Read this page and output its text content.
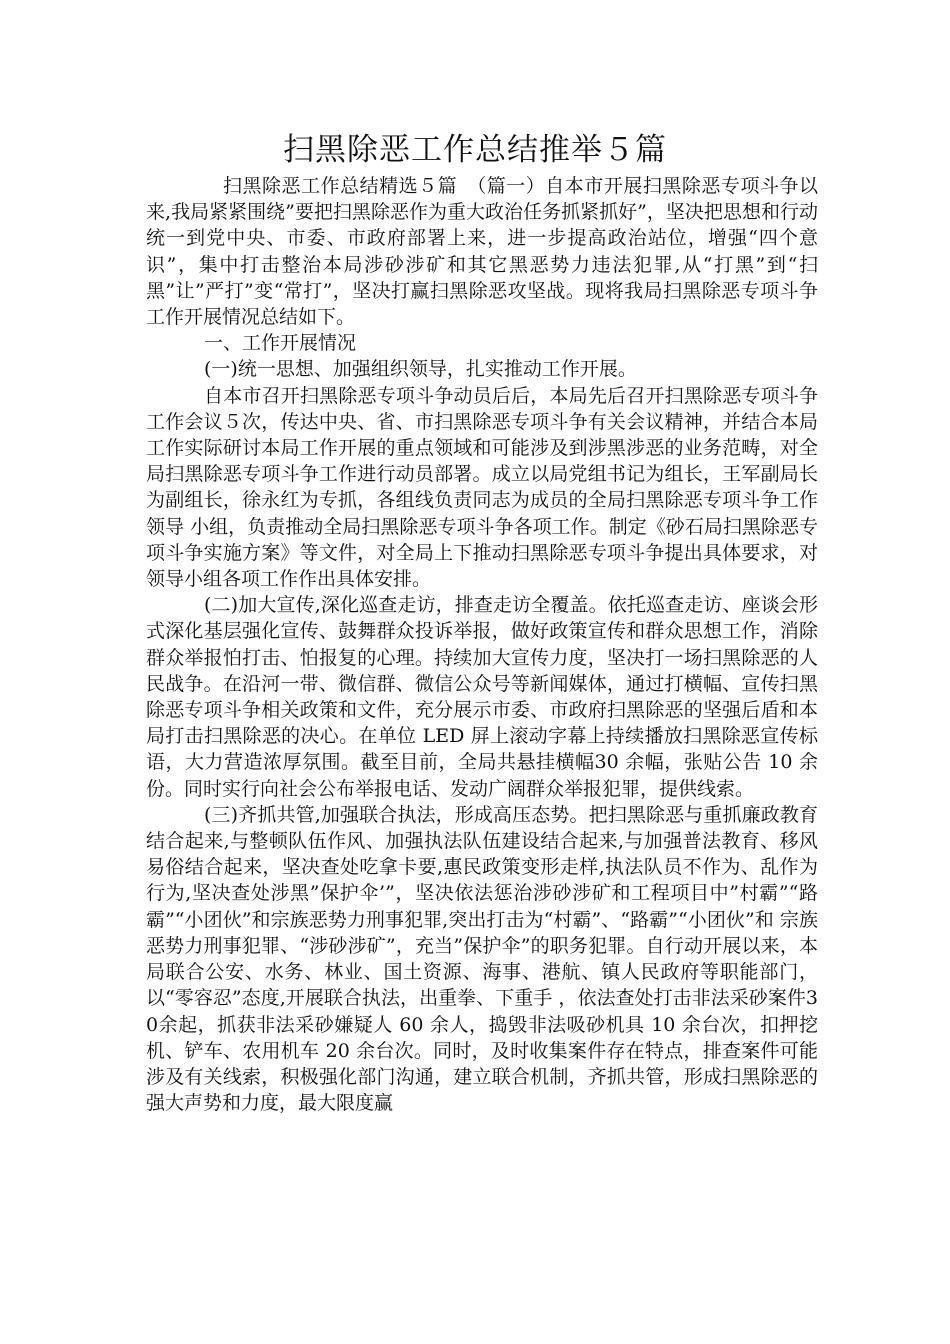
扫黑除恶工作总结推举５篇

扫黑除恶工作总结精选５篇　（篇一）自本市开展扫黑除恶专项斗争以来,我局紧紧围绕”要把扫黑除恶作为重大政治任务抓紧抓好”，坚决把思想和行动统一到党中央、市委、市政府部署上来，进一步提高政治站位，增强“四个意识”，集中打击整治本局涉砂涉矿和其它黑恶势力违法犯罪,从“打黑”到“扫黑”让”严打”变“常打”，坚决打赢扫黑除恶攻坚战。现将我局扫黑除恶专项斗争工作开展情况总结如下。

一、工作开展情况

(一)统一思想、加强组织领导，扎实推动工作开展。

自本市召开扫黑除恶专项斗争动员后后，本局先后召开扫黑除恶专项斗争工作会议５次，传达中央、省、市扫黑除恶专项斗争有关会议精神，并结合本局工作实际研讨本局工作开展的重点领域和可能涉及到涉黑涉恶的业务范畴，对全局扫黑除恶专项斗争工作进行动员部署。成立以局党组书记为组长，王军副局长为副组长，徐永红为专抓，各组线负责同志为成员的全局扫黑除恶专项斗争工作领导 小组，负责推动全局扫黑除恶专项斗争各项工作。制定《砂石局扫黑除恶专项斗争实施方案》等文件，对全局上下推动扫黑除恶专项斗争提出具体要求，对领导小组各项工作作出具体安排。

(二)加大宣传,深化巡查走访，排查走访全覆盖。依托巡查走访、座谈会形式深化基层强化宣传、鼓舞群众投诉举报，做好政策宣传和群众思想工作，消除群众举报怕打击、怕报复的心理。持续加大宣传力度，坚决打一场扫黑除恶的人民战争。在沿河一带、微信群、微信公众号等新闻媒体，通过打横幅、宣传扫黑除恶专项斗争相关政策和文件，充分展示市委、市政府扫黑除恶的坚强后盾和本局打击扫黑除恶的决心。在单位 LED 屏上滚动字幕上持续播放扫黑除恶宣传标语，大力营造浓厚氛围。截至目前，全局共悬挂横幅30 余幅，张贴公告 10 余份。同时实行向社会公布举报电话、发动广阔群众举报犯罪，提供线索。

(三)齐抓共管,加强联合执法，形成高压态势。把扫黑除恶与重抓廉政教育结合起来,与整顿队伍作风、加强执法队伍建设结合起来,与加强普法教育、移风易俗结合起来，坚决查处吃拿卡要,惠民政策变形走样,执法队员不作为、乱作为行为,坚决查处涉黑”保护伞’”，坚决依法惩治涉砂涉矿和工程项目中”村霸”“路霸”“小团伙”和宗族恶势力刑事犯罪,突出打击为“村霸”、“路霸”“小团伙”和 宗族恶势力刑事犯罪、“涉砂涉矿”，充当”保护伞”的职务犯罪。自行动开展以来，本局联合公安、水务、林业、国土资源、海事、港航、镇人民政府等职能部门，以“零容忍”态度,开展联合执法，出重拳、下重手 ，依法查处打击非法采砂案件30余起，抓获非法采砂嫌疑人 60 余人，捣毁非法吸砂机具 10 余台次，扣押挖机、铲车、农用机车 20 余台次。同时，及时收集案件存在特点，排查案件可能涉及有关线索，积极强化部门沟通，建立联合机制，齐抓共管，形成扫黑除恶的强大声势和力度，最大限度赢
